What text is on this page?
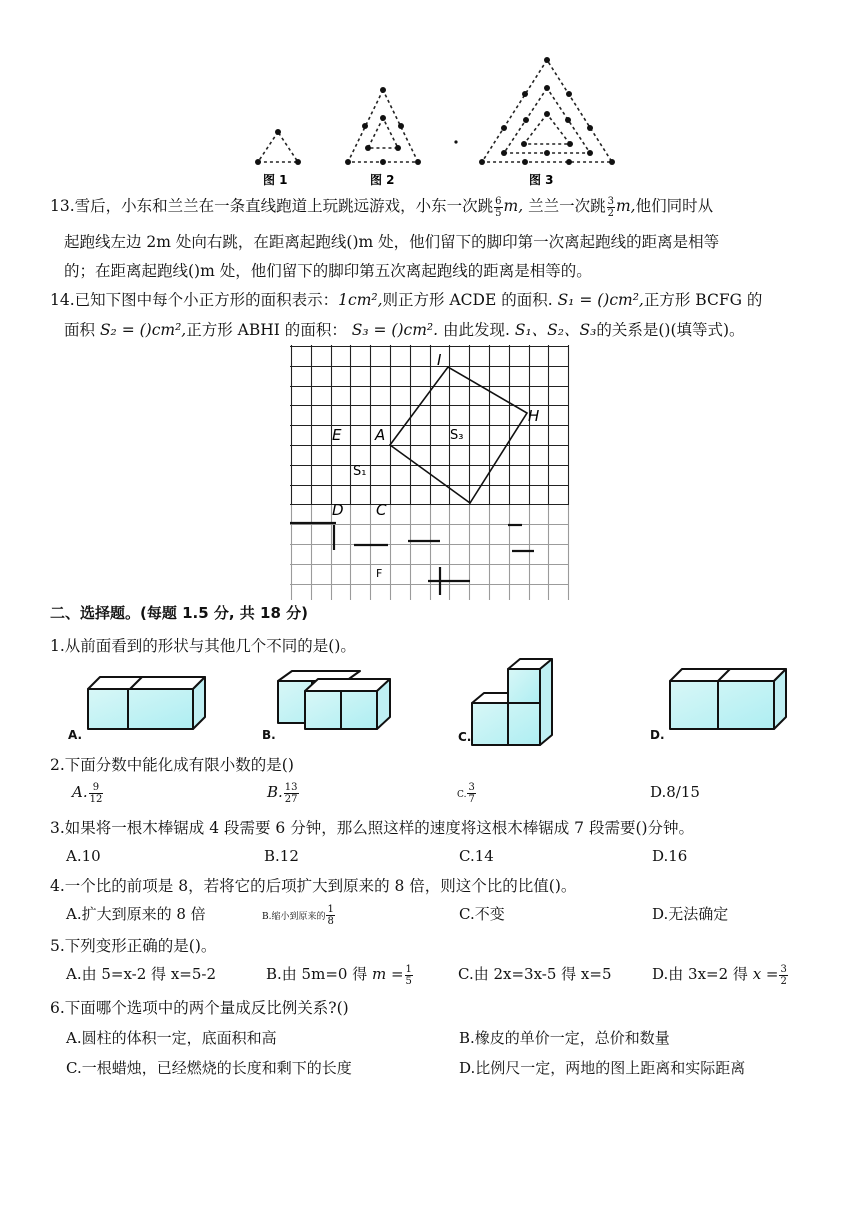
图 1	图 2	图 3
13.雪后，小东和兰兰在一条直线跑道上玩跳远游戏，小东一次跳 $\frac{6}{5} m$, 兰兰一次跳 $\frac{3}{2} m$,他们同时从
起跑线左边 2m 处向右跳，在距离起跑线()m 处，他们留下的脚印第一次离起跑线的距离是相等
的；在距离起跑线()m 处，他们留下的脚印第五次离起跑线的距离是相等的。
14.已知下图中每个小正方形的面积表示：1cm²,则正方形 ACDE 的面积. S₁ = ()cm²,正方形 BCFG 的
面积 S₂ = ()cm²,正方形 ABHI 的面积： S₃ = ()cm². 由此发现. S₁、S₂、S₃的关系是()(填等式)。
I
H
E A	S₃
S₁
D C
F
二、选择题。(每题 1.5 分, 共 18 分)
1.从前面看到的形状与其他几个不同的是()。
A.	B.	C.	D.
2.下面分数中能化成有限小数的是()
A. $\frac{9}{12}$	B. $\frac{13}{27}$	C. $\frac{3}{7}$	D.8/15
3.如果将一根木棒锯成 4 段需要 6 分钟，那么照这样的速度将这根木棒锯成 7 段需要()分钟。
A.10	B.12	C.14	D.16
4.一个比的前项是 8，若将它的后项扩大到原来的 8 倍，则这个比的比值()。
A.扩大到原来的 8 倍	B.缩小到原来的 $\frac{1}{8}$	C.不变	D.无法确定
5.下列变形正确的是()。
A.由 5=x-2 得 x=5-2	B.由 5m=0 得 $m = \frac{1}{5}$	C.由 2x=3x-5 得 x=5	D.由 3x=2 得 $x = \frac{3}{2}$
6.下面哪个选项中的两个量成反比例关系?()
A.圆柱的体积一定，底面积和高	B.橡皮的单价一定，总价和数量
C.一根蜡烛，已经燃烧的长度和剩下的长度	D.比例尺一定，两地的图上距离和实际距离
